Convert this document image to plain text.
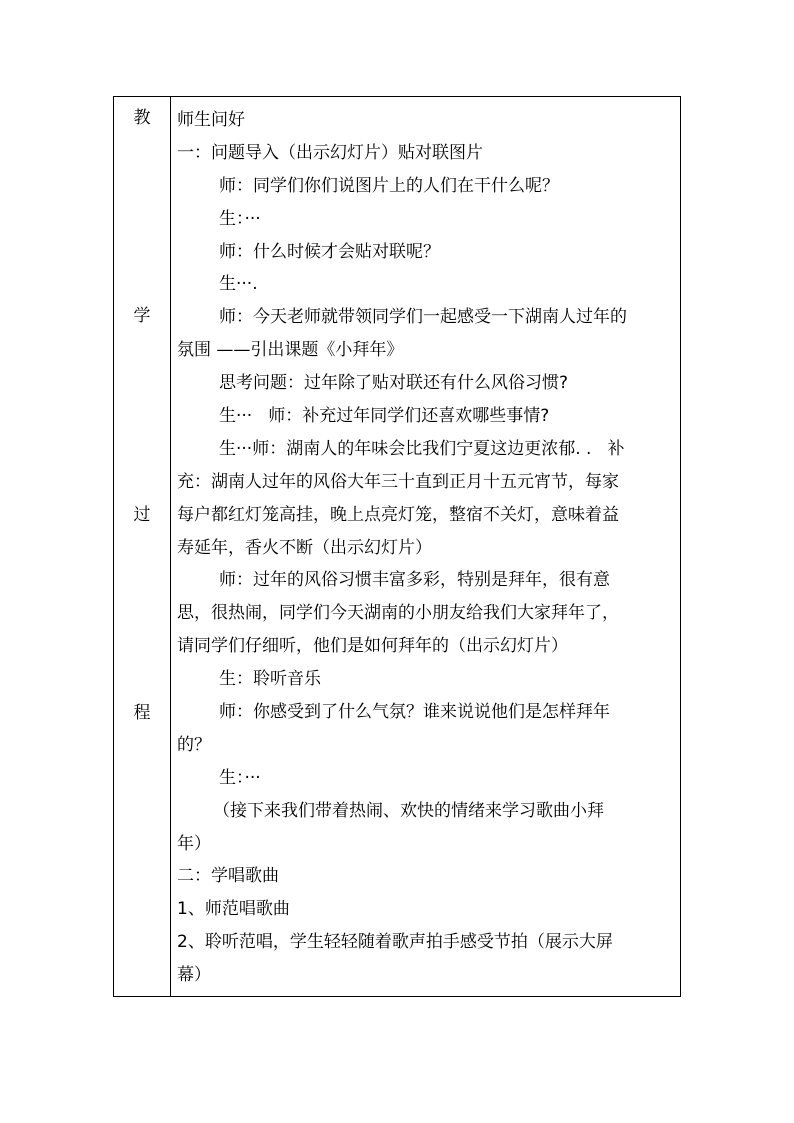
教
学
过
程
师生问好
一：问题导入（出示幻灯片）贴对联图片
师：同学们你们说图片上的人们在干什么呢？
生：···
师：什么时候才会贴对联呢？
生···.
师：今天老师就带领同学们一起感受一下湖南人过年的
氛围 ——引出课题《小拜年》
思考问题：过年除了贴对联还有什么风俗习惯?
生··· 师：补充过年同学们还喜欢哪些事情?
生···师：湖南人的年味会比我们宁夏这边更浓郁. . 补
充：湖南人过年的风俗大年三十直到正月十五元宵节，每家
每户都红灯笼高挂，晚上点亮灯笼，整宿不关灯，意味着益
寿延年，香火不断（出示幻灯片）
师：过年的风俗习惯丰富多彩，特别是拜年，很有意
思，很热闹，同学们今天湖南的小朋友给我们大家拜年了，
请同学们仔细听，他们是如何拜年的（出示幻灯片）
生：聆听音乐
师：你感受到了什么气氛？谁来说说他们是怎样拜年
的？
生：···
（接下来我们带着热闹、欢快的情绪来学习歌曲小拜
年）
二：学唱歌曲
1、师范唱歌曲
2、聆听范唱，学生轻轻随着歌声拍手感受节拍（展示大屏
幕）
